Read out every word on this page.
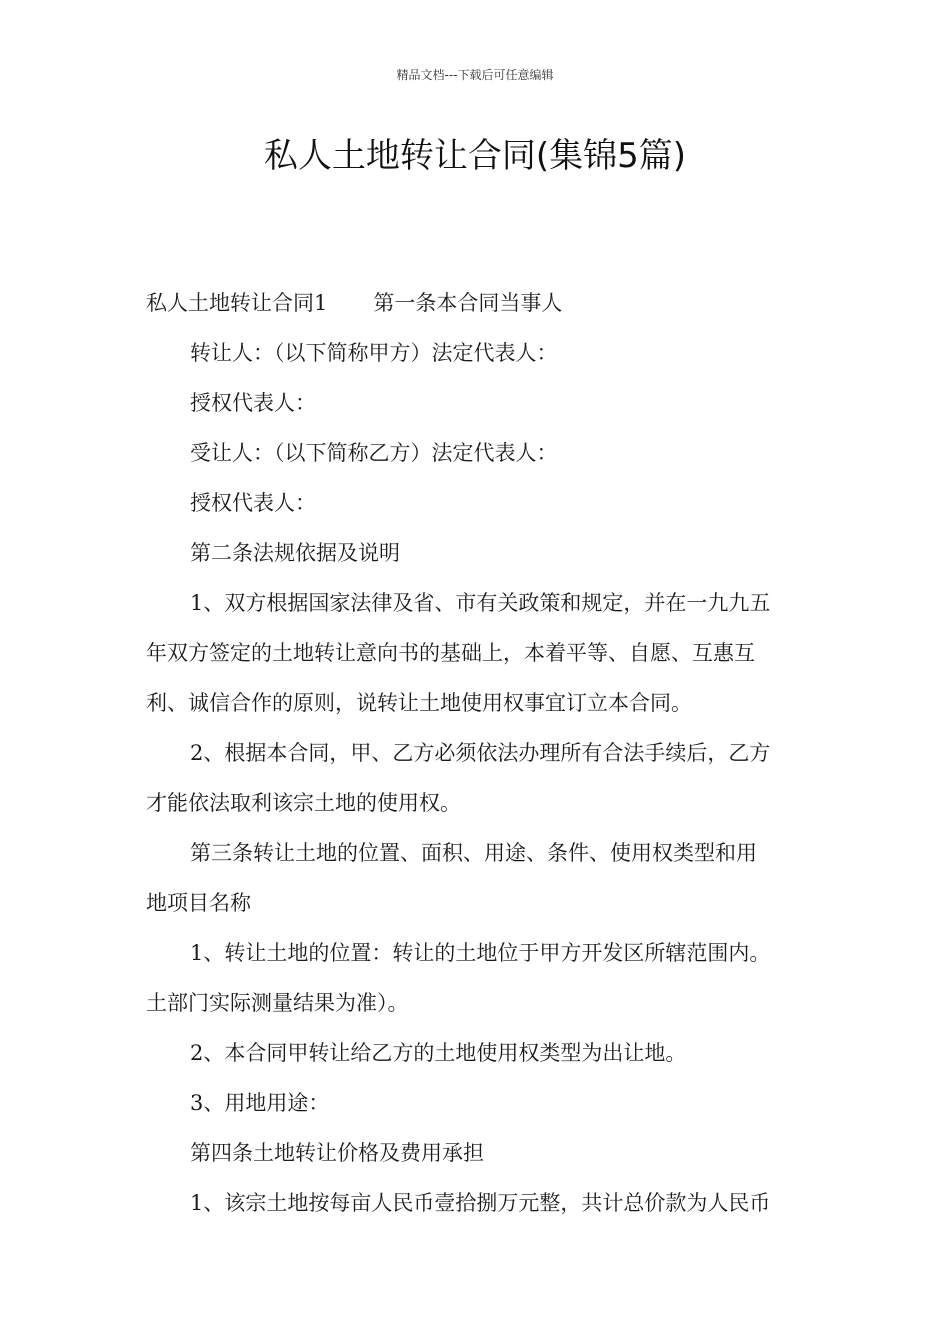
精品文档---下载后可任意编辑
私人土地转让合同(集锦5篇)
私人土地转让合同1 第一条本合同当事人
转让人：（以下简称甲方）法定代表人：
授权代表人：
受让人：（以下简称乙方）法定代表人：
授权代表人：
第二条法规依据及说明
1、双方根据国家法律及省、市有关政策和规定，并在一九九五
年双方签定的土地转让意向书的基础上，本着平等、自愿、互惠互
利、诚信合作的原则，说转让土地使用权事宜订立本合同。
2、根据本合同，甲、乙方必须依法办理所有合法手续后，乙方
才能依法取利该宗土地的使用权。
第三条转让土地的位置、面积、用途、条件、使用权类型和用
地项目名称
1、转让土地的位置：转让的土地位于甲方开发区所辖范围内。
土部门实际测量结果为准）。
2、本合同甲转让给乙方的土地使用权类型为出让地。
3、用地用途：
第四条土地转让价格及费用承担
1、该宗土地按每亩人民币壹拾捌万元整，共计总价款为人民币
